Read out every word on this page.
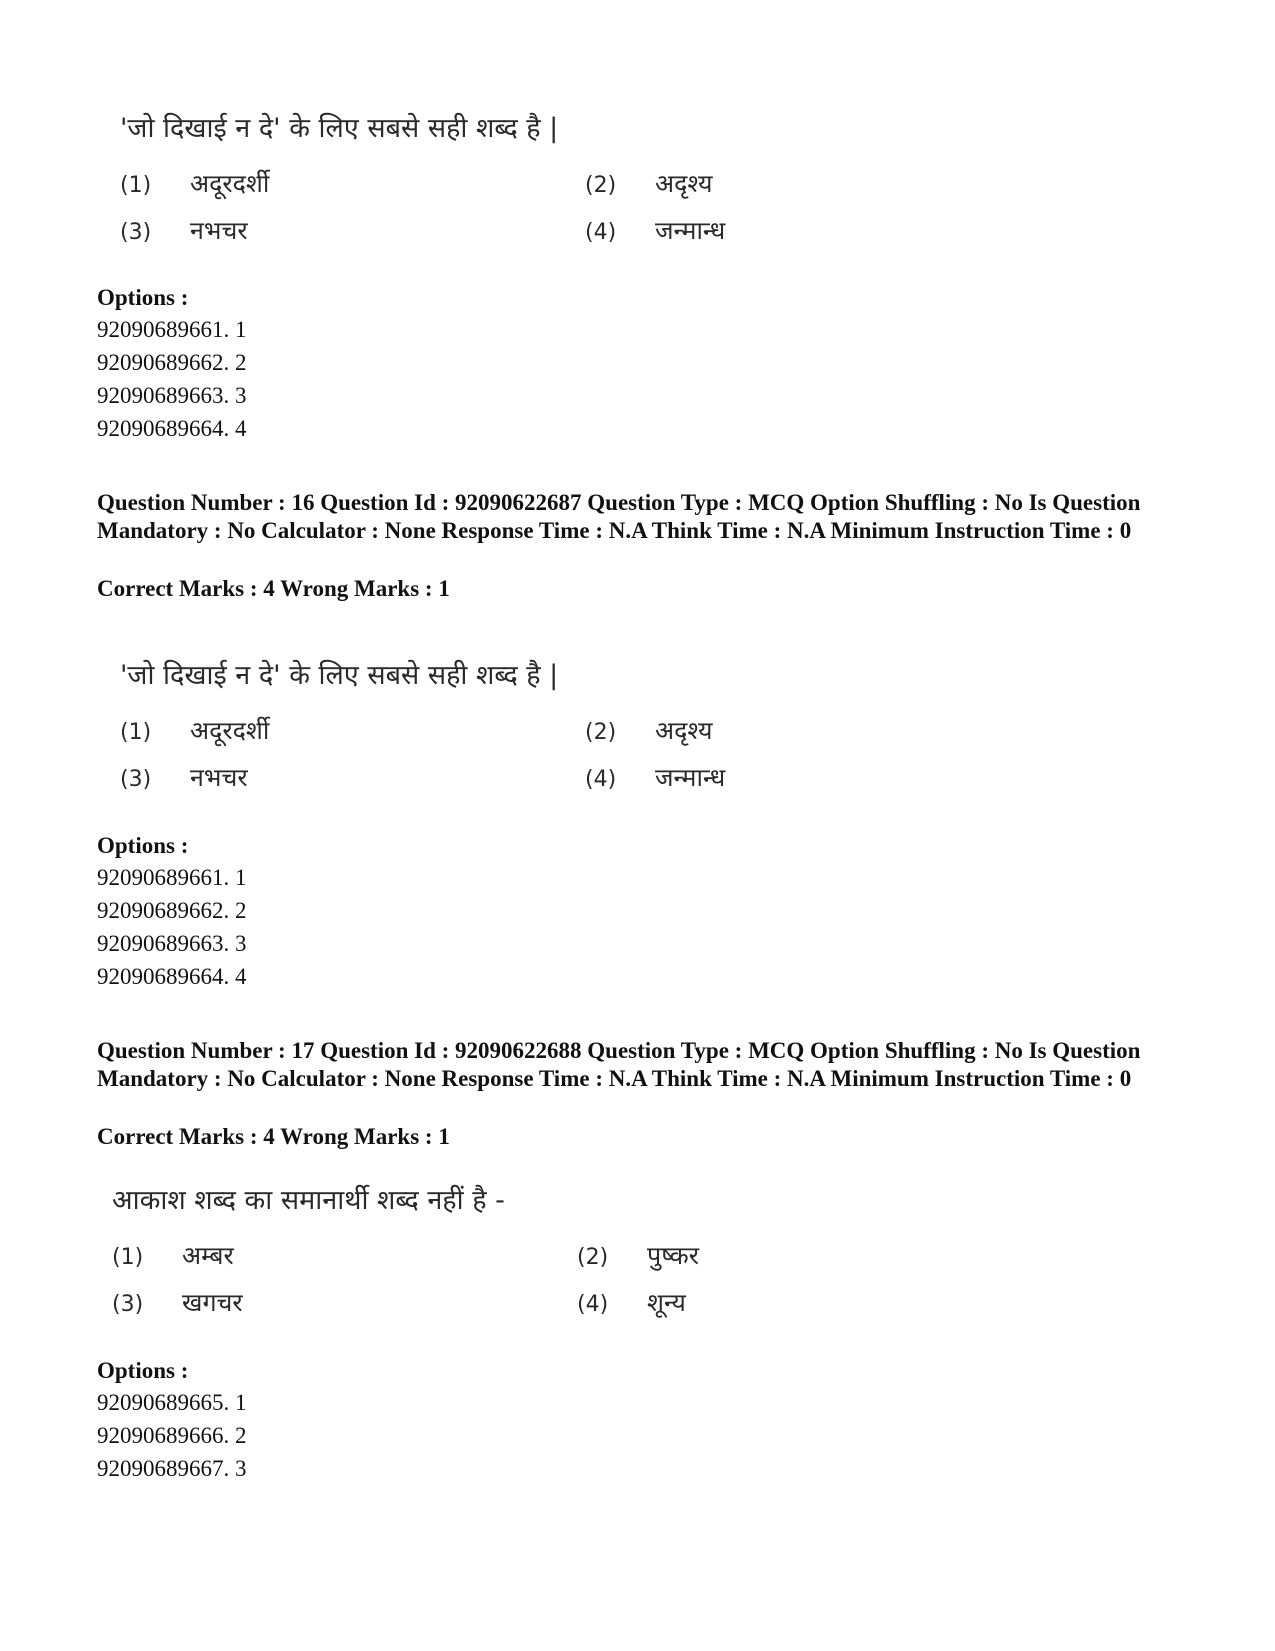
'जो दिखाई न दे' के लिए सबसे सही शब्द है |
(1) अदूरदर्शी	(2) अदृश्य
(3) नभचर	(4) जन्मान्ध
Options :
92090689661. 1
92090689662. 2
92090689663. 3
92090689664. 4
Question Number : 16 Question Id : 92090622687 Question Type : MCQ Option Shuffling : No Is Question Mandatory : No Calculator : None Response Time : N.A Think Time : N.A Minimum Instruction Time : 0
Correct Marks : 4 Wrong Marks : 1
'जो दिखाई न दे' के लिए सबसे सही शब्द है |
(1) अदूरदर्शी	(2) अदृश्य
(3) नभचर	(4) जन्मान्ध
Options :
92090689661. 1
92090689662. 2
92090689663. 3
92090689664. 4
Question Number : 17 Question Id : 92090622688 Question Type : MCQ Option Shuffling : No Is Question Mandatory : No Calculator : None Response Time : N.A Think Time : N.A Minimum Instruction Time : 0
Correct Marks : 4 Wrong Marks : 1
आकाश शब्द का समानार्थी शब्द नहीं है -
(1) अम्बर	(2) पुष्कर
(3) खगचर	(4) शून्य
Options :
92090689665. 1
92090689666. 2
92090689667. 3
